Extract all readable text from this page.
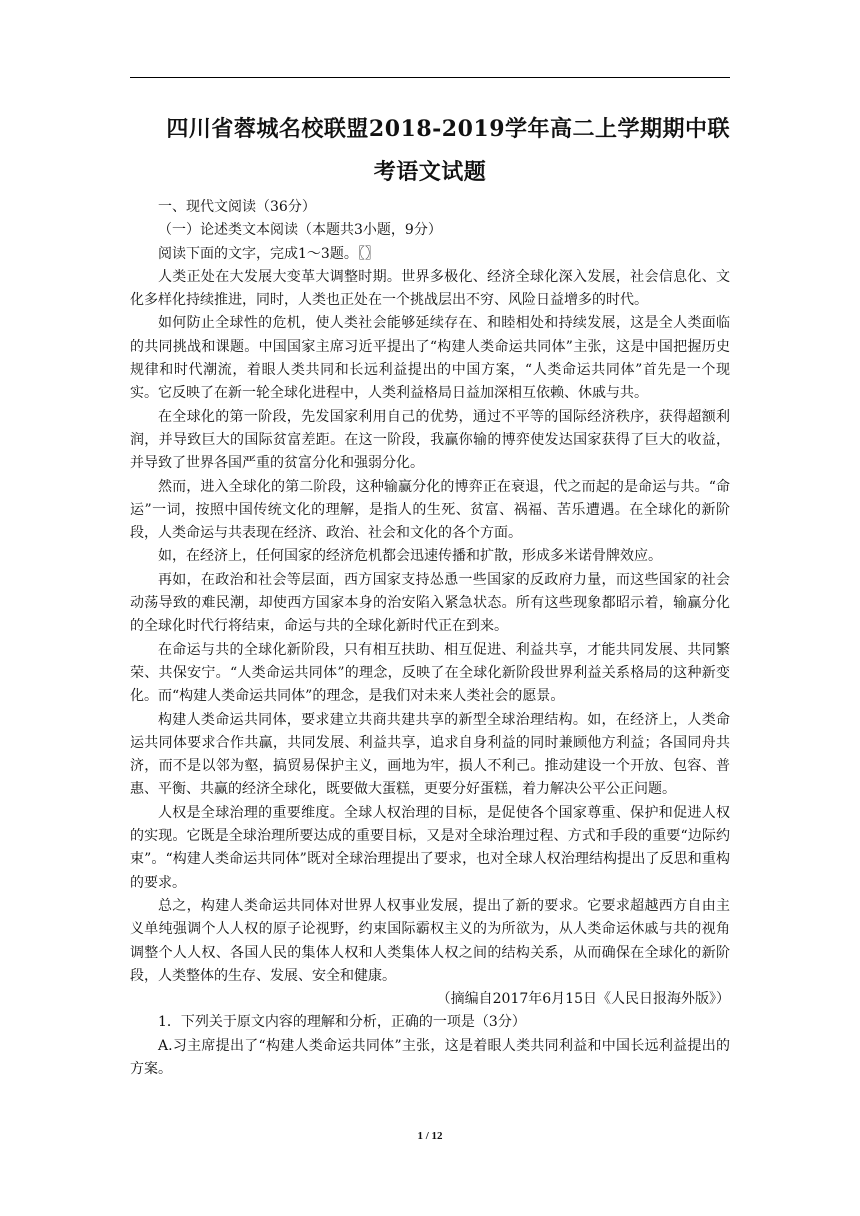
四川省蓉城名校联盟2018-2019学年高二上学期期中联
考语文试题

一、现代文阅读（36分）

（一）论述类文本阅读（本题共3小题，9分）

阅读下面的文字，完成1～3题。〖〗

人类正处在大发展大变革大调整时期。世界多极化、经济全球化深入发展，社会信息化、文化多样化持续推进，同时，人类也正处在一个挑战层出不穷、风险日益增多的时代。

如何防止全球性的危机，使人类社会能够延续存在、和睦相处和持续发展，这是全人类面临的共同挑战和课题。中国国家主席习近平提出了“构建人类命运共同体”主张，这是中国把握历史规律和时代潮流，着眼人类共同和长远利益提出的中国方案，“人类命运共同体”首先是一个现实。它反映了在新一轮全球化进程中，人类利益格局日益加深相互依赖、休戚与共。

在全球化的第一阶段，先发国家利用自己的优势，通过不平等的国际经济秩序，获得超额利润，并导致巨大的国际贫富差距。在这一阶段，我赢你输的博弈使发达国家获得了巨大的收益，并导致了世界各国严重的贫富分化和强弱分化。

然而，进入全球化的第二阶段，这种输赢分化的博弈正在衰退，代之而起的是命运与共。“命运”一词，按照中国传统文化的理解，是指人的生死、贫富、祸福、苦乐遭遇。在全球化的新阶段，人类命运与共表现在经济、政治、社会和文化的各个方面。

如，在经济上，任何国家的经济危机都会迅速传播和扩散，形成多米诺骨牌效应。

再如，在政治和社会等层面，西方国家支持怂恿一些国家的反政府力量，而这些国家的社会动荡导致的难民潮，却使西方国家本身的治安陷入紧急状态。所有这些现象都昭示着，输赢分化的全球化时代行将结束，命运与共的全球化新时代正在到来。

在命运与共的全球化新阶段，只有相互扶助、相互促进、利益共享，才能共同发展、共同繁荣、共保安宁。“人类命运共同体”的理念，反映了在全球化新阶段世界利益关系格局的这种新变化。而“构建人类命运共同体”的理念，是我们对未来人类社会的愿景。

构建人类命运共同体，要求建立共商共建共享的新型全球治理结构。如，在经济上，人类命运共同体要求合作共赢，共同发展、利益共享，追求自身利益的同时兼顾他方利益；各国同舟共济，而不是以邻为壑，搞贸易保护主义，画地为牢，损人不利己。推动建设一个开放、包容、普惠、平衡、共赢的经济全球化，既要做大蛋糕，更要分好蛋糕，着力解决公平公正问题。

人权是全球治理的重要维度。全球人权治理的目标，是促使各个国家尊重、保护和促进人权的实现。它既是全球治理所要达成的重要目标，又是对全球治理过程、方式和手段的重要“边际约束”。“构建人类命运共同体”既对全球治理提出了要求，也对全球人权治理结构提出了反思和重构的要求。

总之，构建人类命运共同体对世界人权事业发展，提出了新的要求。它要求超越西方自由主义单纯强调个人人权的原子论视野，约束国际霸权主义的为所欲为，从人类命运休戚与共的视角调整个人人权、各国人民的集体人权和人类集体人权之间的结构关系，从而确保在全球化的新阶段，人类整体的生存、发展、安全和健康。

（摘编自2017年6月15日《人民日报海外版》）

1．下列关于原文内容的理解和分析，正确的一项是（3分）

A.习主席提出了“构建人类命运共同体”主张，这是着眼人类共同利益和中国长远利益提出的方案。

1 / 12
